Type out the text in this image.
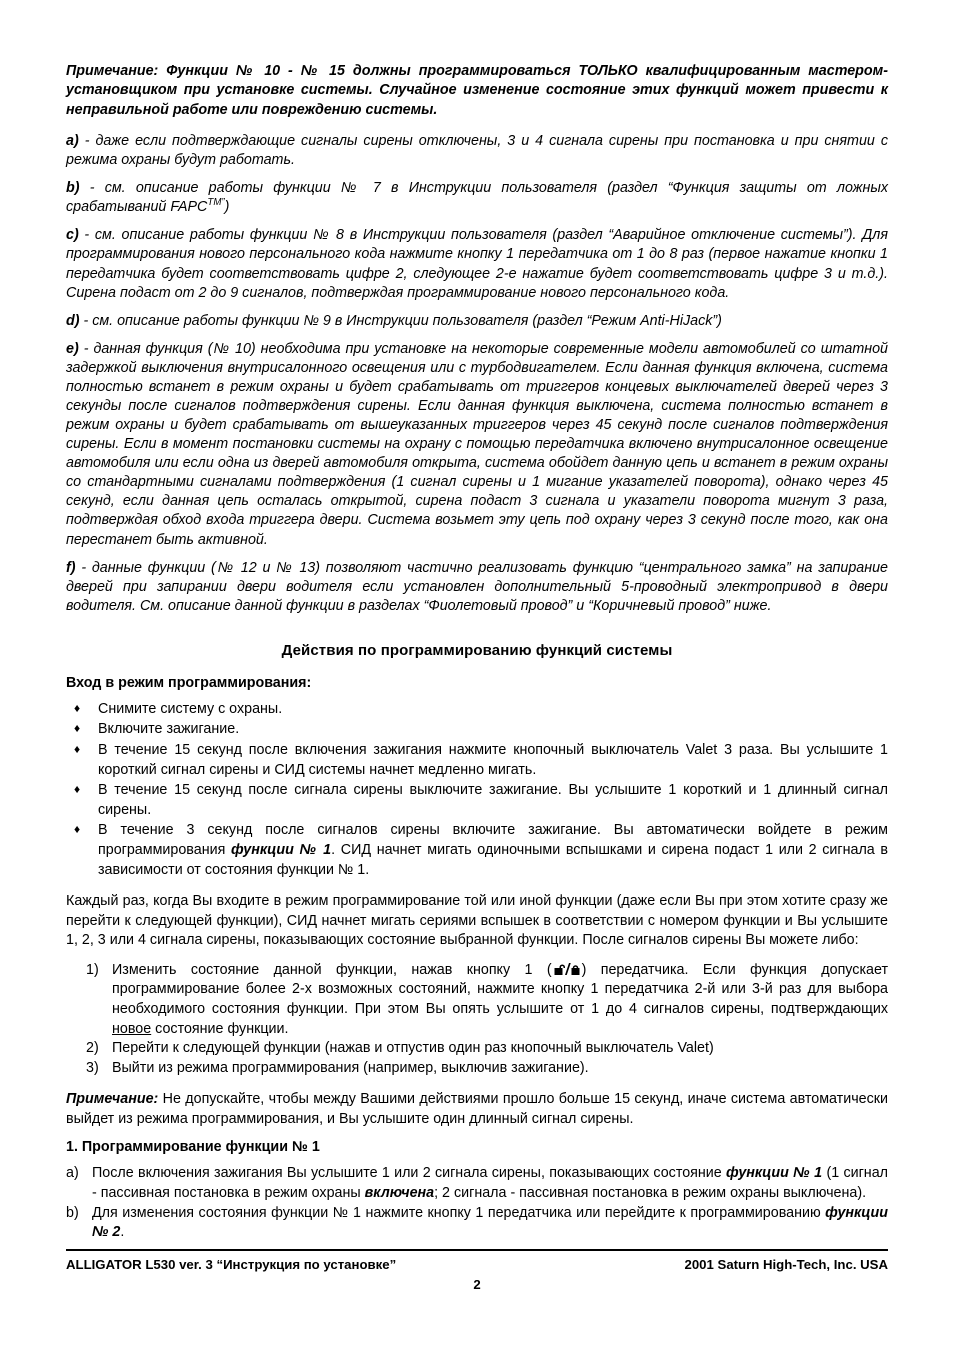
Примечание: Функции № 10 - № 15 должны программироваться ТОЛЬКО квалифицированным мастером-установщиком при установке системы. Случайное изменение состояние этих функций может привести к неправильной работе или повреждению системы.

a) - даже если подтверждающие сигналы сирены отключены, 3 и 4 сигнала сирены при постановка и при снятии с режима охраны будут работать.

b) - см. описание работы функции № 7 в Инструкции пользователя (раздел “Функция защиты от ложных срабатываний $FAPC^{TM”}$)

c) - см. описание работы функции № 8 в Инструкции пользователя (раздел “Аварийное отключение системы”). Для программирования нового персонального кода нажмите кнопку 1 передатчика от 1 до 8 раз (первое нажатие кнопки 1 передатчика будет соответствовать цифре 2, следующее 2-е нажатие будет соответствовать цифре 3 и т.д.). Сирена подаст от 2 до 9 сигналов, подтверждая программирование нового персонального кода.

d) - см. описание работы функции № 9 в Инструкции пользователя (раздел “Режим Anti-HiJack”)

e) - данная функция (№ 10) необходима при установке на некоторые современные модели автомобилей со штатной задержкой выключения внутрисалонного освещения или с турбодвигателем. Если данная функция включена, система полностью встанет в режим охраны и будет срабатывать от триггеров концевых выключателей дверей через 3 секунды после сигналов подтверждения сирены. Если данная функция выключена, система полностью встанет в режим охраны и будет срабатывать от вышеуказанных триггеров через 45 секунд после сигналов подтверждения сирены. Если в момент постановки системы на охрану с помощью передатчика включено внутрисалонное освещение автомобиля или если одна из дверей автомобиля открыта, система обойдет данную цепь и встанет в режим охраны со стандартными сигналами подтверждения (1 сигнал сирены и 1 мигание указателей поворота), однако через 45 секунд, если данная цепь осталась открытой, сирена подаст 3 сигнала и указатели поворота мигнут 3 раза, подтверждая обход входа триггера двери. Система возьмет эту цепь под охрану через 3 секунд после того, как она перестанет быть активной.

f) - данные функции (№ 12 и № 13) позволяют частично реализовать функцию “центрального замка” на запирание дверей при запирании двери водителя если установлен дополнительный 5-проводный электропривод в двери водителя. См. описание данной функции в разделах “Фиолетовый провод” и “Коричневый провод” ниже.

Действия по программированию функций системы
Вход в режим программирования:
♦ Снимите систему с охраны.
♦ Включите зажигание.
♦ В течение 15 секунд после включения зажигания нажмите кнопочный выключатель Valet 3 раза. Вы услышите 1 короткий сигнал сирены и СИД системы начнет медленно мигать.
♦ В течение 15 секунд после сигнала сирены выключите зажигание. Вы услышите 1 короткий и 1 длинный сигнал сирены.
♦ В течение 3 секунд после сигналов сирены включите зажигание. Вы автоматически войдете в режим программирования функции № 1. СИД начнет мигать одиночными вспышками и сирена подаст 1 или 2 сигнала в зависимости от состояния функции № 1.

Каждый раз, когда Вы входите в режим программирование той или иной функции (даже если Вы при этом хотите сразу же перейти к следующей функции), СИД начнет мигать сериями вспышек в соответствии с номером функции и Вы услышите 1, 2, 3 или 4 сигнала сирены, показывающих состояние выбранной функции. После сигналов сирены Вы можете либо:

1) Изменить состояние данной функции, нажав кнопку 1 ( ) передатчика. Если функция допускает программирование более 2-х возможных состояний, нажмите кнопку 1 передатчика 2-й или 3-й раз для выбора необходимого состояния функции. При этом Вы опять услышите от 1 до 4 сигналов сирены, подтверждающих новое состояние функции.
2) Перейти к следующей функции (нажав и отпустив один раз кнопочный выключатель Valet)
3) Выйти из режима программирования (например, выключив зажигание).

Примечание: Не допускайте, чтобы между Вашими действиями прошло больше 15 секунд, иначе система автоматически выйдет из режима программирования, и Вы услышите один длинный сигнал сирены.

1. Программирование функции № 1
a) После включения зажигания Вы услышите 1 или 2 сигнала сирены, показывающих состояние функции № 1 (1 сигнал - пассивная постановка в режим охраны включена; 2 сигнала - пассивная постановка в режим охраны выключена).
b) Для изменения состояния функции № 1 нажмите кнопку 1 передатчика или перейдите к программированию функции № 2.
ALLIGATOR L530 ver. 3 “Инструкция по установке”	2001 Saturn High-Tech, Inc. USA
2
